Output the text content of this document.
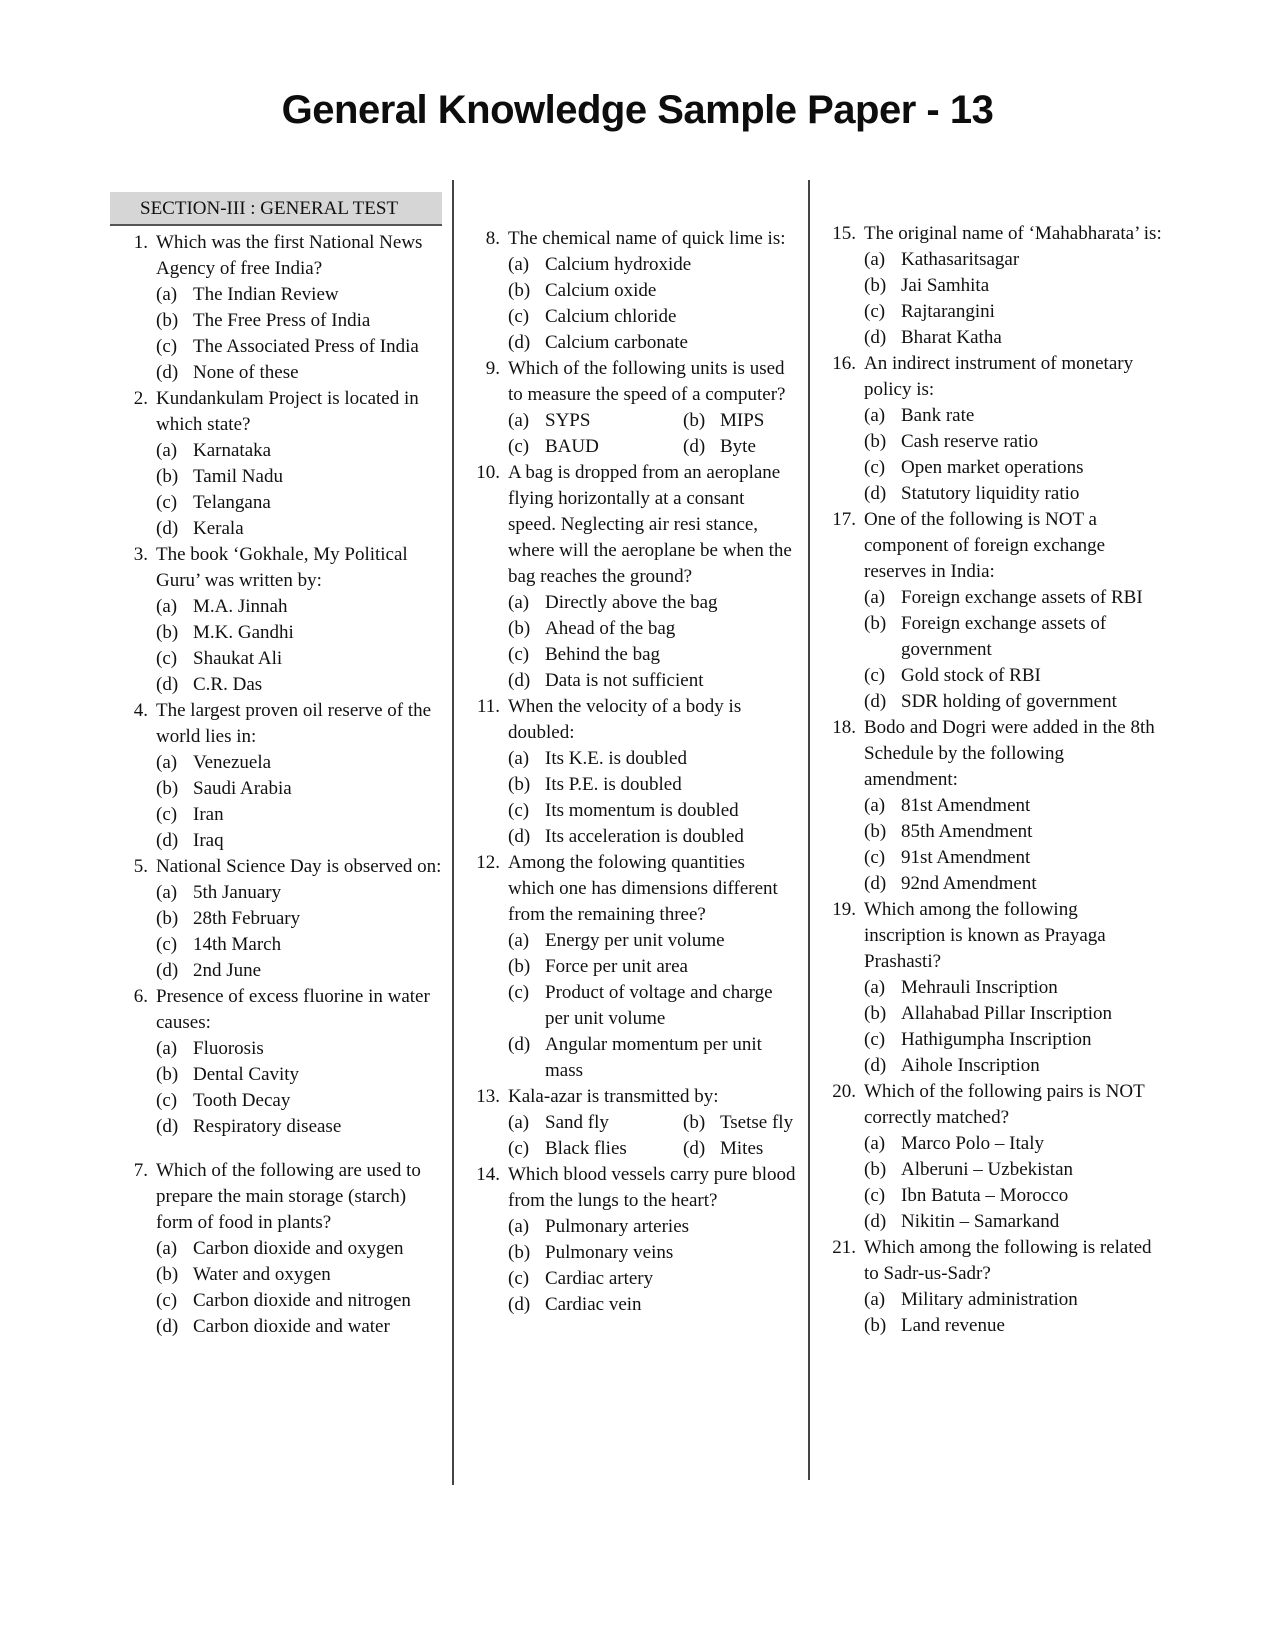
General Knowledge Sample Paper - 13
SECTION-III : GENERAL TEST
1. Which was the first National News Agency of free India?
(a) The Indian Review
(b) The Free Press of India
(c) The Associated Press of India
(d) None of these
2. Kundankulam Project is located in which state?
(a) Karnataka
(b) Tamil Nadu
(c) Telangana
(d) Kerala
3. The book ‘Gokhale, My Political Guru’ was written by:
(a) M.A. Jinnah
(b) M.K. Gandhi
(c) Shaukat Ali
(d) C.R. Das
4. The largest proven oil reserve of the world lies in:
(a) Venezuela
(b) Saudi Arabia
(c) Iran
(d) Iraq
5. National Science Day is observed on:
(a) 5th January
(b) 28th February
(c) 14th March
(d) 2nd June
6. Presence of excess fluorine in water causes:
(a) Fluorosis
(b) Dental Cavity
(c) Tooth Decay
(d) Respiratory disease
7. Which of the following are used to prepare the main storage (starch) form of food in plants?
(a) Carbon dioxide and oxygen
(b) Water and oxygen
(c) Carbon dioxide and nitrogen
(d) Carbon dioxide and water
8. The chemical name of quick lime is:
(a) Calcium hydroxide
(b) Calcium oxide
(c) Calcium chloride
(d) Calcium carbonate
9. Which of the following units is used to measure the speed of a computer?
(a) SYPS	(b) MIPS
(c) BAUD	(d) Byte
10. A bag is dropped from an aeroplane flying horizontally at a consant speed. Neglecting air resi stance, where will the aeroplane be when the bag reaches the ground?
(a) Directly above the bag
(b) Ahead of the bag
(c) Behind the bag
(d) Data is not sufficient
11. When the velocity of a body is doubled:
(a) Its K.E. is doubled
(b) Its P.E. is doubled
(c) Its momentum is doubled
(d) Its acceleration is doubled
12. Among the folowing quantities which one has dimensions different from the remaining three?
(a) Energy per unit volume
(b) Force per unit area
(c) Product of voltage and charge per unit volume
(d) Angular momentum per unit mass
13. Kala-azar is transmitted by:
(a) Sand fly	(b) Tsetse fly
(c) Black flies	(d) Mites
14. Which blood vessels carry pure blood from the lungs to the heart?
(a) Pulmonary arteries
(b) Pulmonary veins
(c) Cardiac artery
(d) Cardiac vein
15. The original name of ‘Mahabharata’ is:
(a) Kathasaritsagar
(b) Jai Samhita
(c) Rajtarangini
(d) Bharat Katha
16. An indirect instrument of monetary policy is:
(a) Bank rate
(b) Cash reserve ratio
(c) Open market operations
(d) Statutory liquidity ratio
17. One of the following is NOT a component of foreign exchange reserves in India:
(a) Foreign exchange assets of RBI
(b) Foreign exchange assets of government
(c) Gold stock of RBI
(d) SDR holding of government
18. Bodo and Dogri were added in the 8th Schedule by the following amendment:
(a) 81st Amendment
(b) 85th Amendment
(c) 91st Amendment
(d) 92nd Amendment
19. Which among the following inscription is known as Prayaga Prashasti?
(a) Mehrauli Inscription
(b) Allahabad Pillar Inscription
(c) Hathigumpha Inscription
(d) Aihole Inscription
20. Which of the following pairs is NOT correctly matched?
(a) Marco Polo – Italy
(b) Alberuni – Uzbekistan
(c) Ibn Batuta – Morocco
(d) Nikitin – Samarkand
21. Which among the following is related to Sadr-us-Sadr?
(a) Military administration
(b) Land revenue
